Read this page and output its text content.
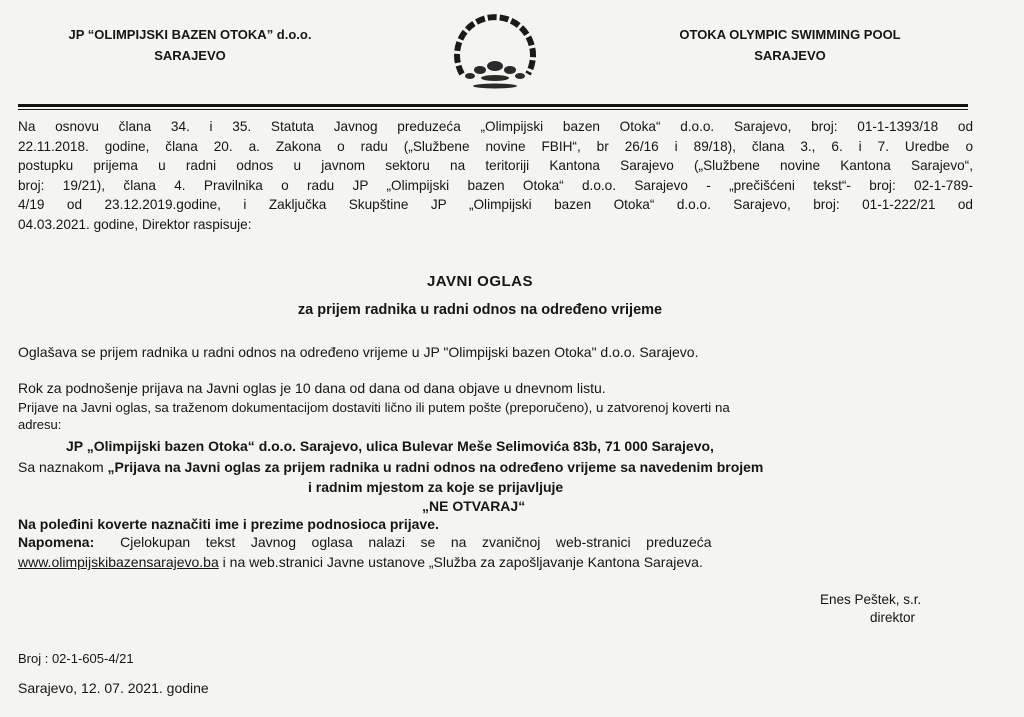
JP “OLIMPIJSKI BAZEN OTOKA” d.o.o.
SARAJEVO
OTOKA OLYMPIC SWIMMING POOL
SARAJEVO
Na osnovu člana 34. i 35. Statuta Javnog preduzeća „Olimpijski bazen Otoka“ d.o.o. Sarajevo, broj: 01-1-1393/18 od
22.11.2018. godine, člana 20. a. Zakona o radu („Službene novine FBIH“, br 26/16 i 89/18), člana 3., 6. i 7. Uredbe o
postupku prijema u radni odnos u javnom sektoru na teritoriji Kantona Sarajevo („Službene novine Kantona Sarajevo“,
broj: 19/21), člana 4. Pravilnika o radu JP „Olimpijski bazen Otoka“ d.o.o. Sarajevo - „prečišćeni tekst“- broj: 02-1-789-
4/19 od 23.12.2019.godine, i Zaključka Skupštine JP „Olimpijski bazen Otoka“ d.o.o. Sarajevo, broj: 01-1-222/21 od
04.03.2021. godine, Direktor raspisuje:
JAVNI OGLAS
za prijem radnika u radni odnos na određeno vrijeme
Oglašava se prijem radnika u radni odnos na određeno vrijeme u JP "Olimpijski bazen Otoka" d.o.o. Sarajevo.
Rok za podnošenje prijava na Javni oglas je 10 dana od dana od dana objave u dnevnom listu.
Prijave na Javni oglas, sa traženom dokumentacijom dostaviti lično ili putem pošte (preporučeno), u zatvorenoj koverti na
adresu:
JP „Olimpijski bazen Otoka“ d.o.o. Sarajevo, ulica Bulevar Meše Selimovića 83b, 71 000 Sarajevo,
Sa naznakom „Prijava na Javni oglas za prijem radnika u radni odnos na određeno vrijeme sa navedenim brojem
i radnim mjestom za koje se prijavljuje
„NE OTVARAJ“
Na poleđini koverte naznačiti ime i prezime podnosioca prijave.
Napomena: Cjelokupan    tekst    Javnog    oglasa    nalazi    se    na    zvaničnoj    web-stranici    preduzeća
www.olimpijskibazensarajevo.ba i na web.stranici Javne ustanove „Služba za zapošljavanje Kantona Sarajeva.
Enes Peštek, s.r.
direktor
Broj : 02-1-605-4/21
Sarajevo, 12. 07. 2021. godine
